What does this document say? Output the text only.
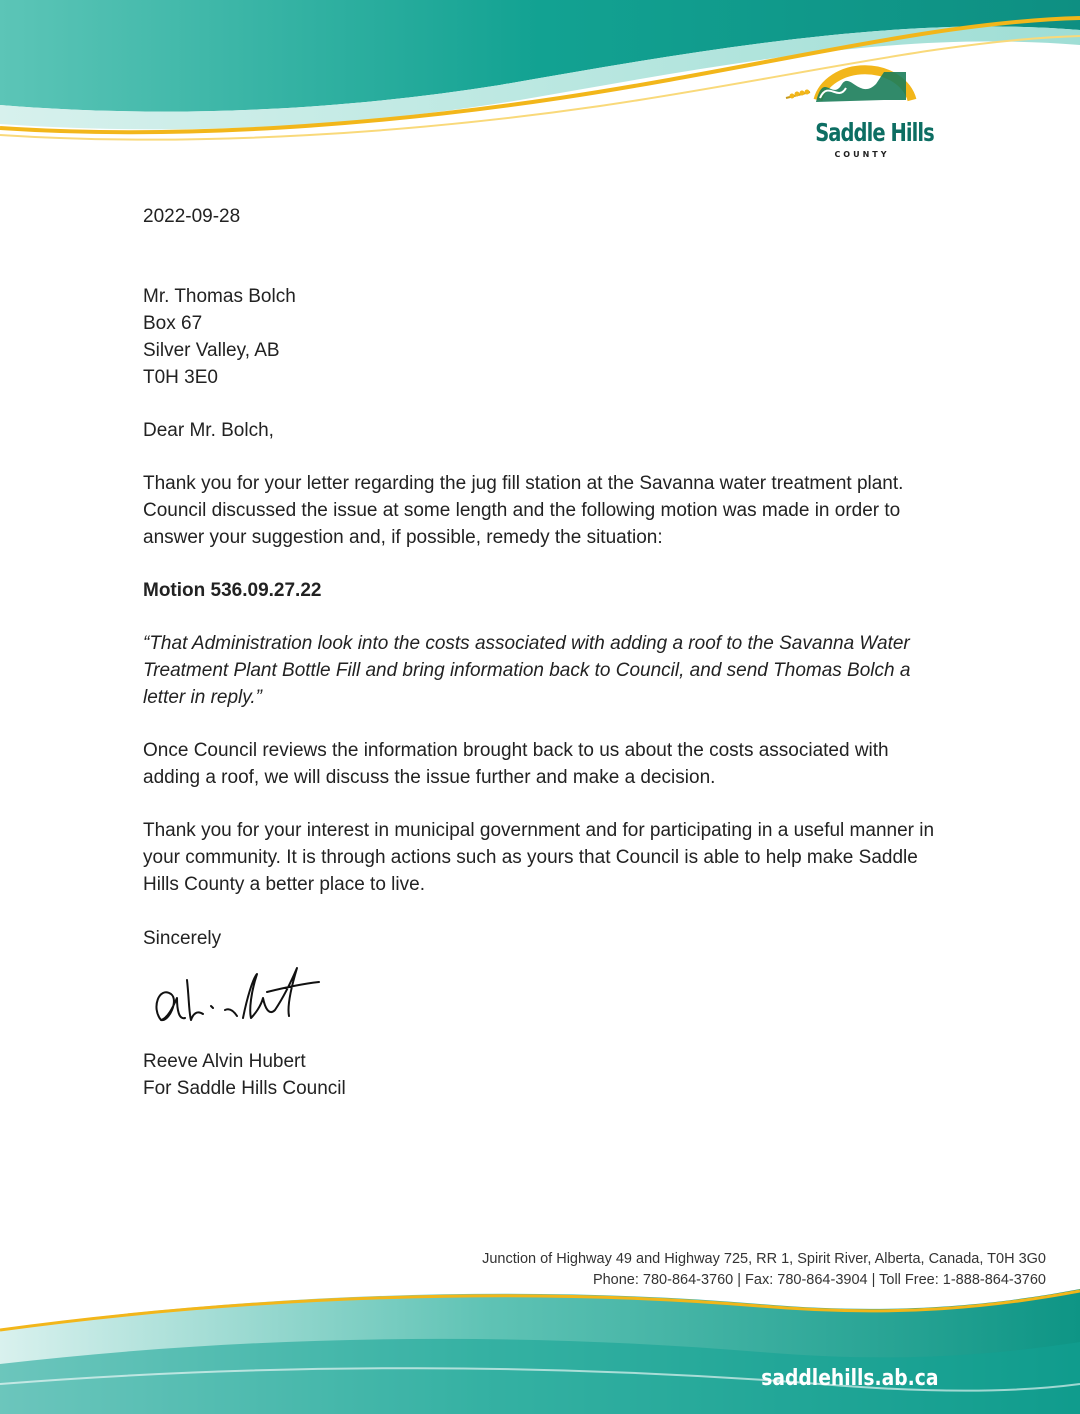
Saddle Hills
COUNTY

2022-09-28

Mr. Thomas Bolch
Box 67
Silver Valley, AB
T0H 3E0

Dear Mr. Bolch,

Thank you for your letter regarding the jug fill station at the Savanna water treatment plant. Council discussed the issue at some length and the following motion was made in order to answer your suggestion and, if possible, remedy the situation:

Motion 536.09.27.22

“That Administration look into the costs associated with adding a roof to the Savanna Water Treatment Plant Bottle Fill and bring information back to Council, and send Thomas Bolch a letter in reply.”

Once Council reviews the information brought back to us about the costs associated with adding a roof, we will discuss the issue further and make a decision.

Thank you for your interest in municipal government and for participating in a useful manner in your community. It is through actions such as yours that Council is able to help make Saddle Hills County a better place to live.

Sincerely

Reeve Alvin Hubert
For Saddle Hills Council
Junction of Highway 49 and Highway 725, RR 1, Spirit River, Alberta, Canada, T0H 3G0
Phone: 780-864-3760 | Fax: 780-864-3904 | Toll Free: 1-888-864-3760
saddlehills.ab.ca
